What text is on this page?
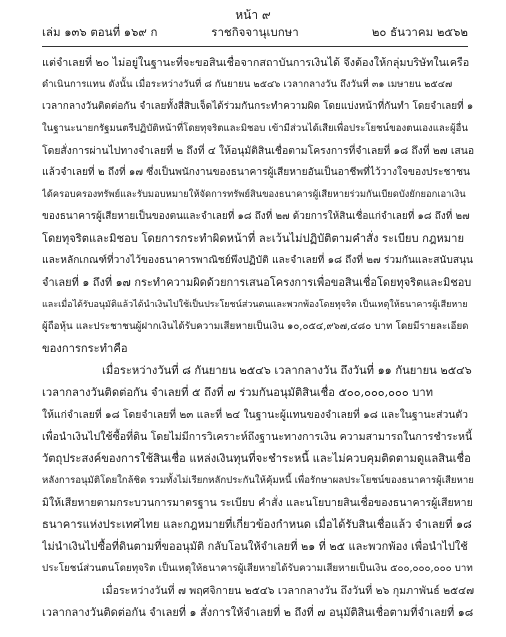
หน้า ๙
เล่ม ๑๓๖ ตอนที่ ๑๖๙ ก	ราชกิจจานุเบกษา	๒๐ ธันวาคม ๒๕๖๒
แต่จำเลยที่ ๒๐ ไม่อยู่ในฐานะที่จะขอสินเชื่อจากสถาบันการเงินได้ จึงต้องให้กลุ่มบริษัทในเครือ
ดำเนินการแทน ดังนั้น เมื่อระหว่างวันที่ ๘ กันยายน ๒๕๔๖ เวลากลางวัน ถึงวันที่ ๓๑ เมษายน ๒๕๔๗
เวลากลางวันติดต่อกัน จำเลยทั้งสี่สิบเจ็ดได้ร่วมกันกระทำความผิด โดยแบ่งหน้าที่กันทำ โดยจำเลยที่ ๑
ในฐานะนายกรัฐมนตรีปฏิบัติหน้าที่โดยทุจริตและมิชอบ เข้ามีส่วนได้เสียเพื่อประโยชน์ของตนเองและผู้อื่น
โดยสั่งการผ่านไปทางจำเลยที่ ๒ ถึงที่ ๔ ให้อนุมัติสินเชื่อตามโครงการที่จำเลยที่ ๑๘ ถึงที่ ๒๗ เสนอ
แล้วจำเลยที่ ๒ ถึงที่ ๑๗ ซึ่งเป็นพนักงานของธนาคารผู้เสียหายอันเป็นอาชีพที่ไว้วางใจของประชาชน
ได้ครอบครองทรัพย์และรับมอบหมายให้จัดการทรัพย์สินของธนาคารผู้เสียหายร่วมกันเบียดบังยักยอกเอาเงิน
ของธนาคารผู้เสียหายเป็นของตนและจำเลยที่ ๑๘ ถึงที่ ๒๗ ด้วยการให้สินเชื่อแก่จำเลยที่ ๑๘ ถึงที่ ๒๗
โดยทุจริตและมิชอบ โดยการกระทำผิดหน้าที่ ละเว้นไม่ปฏิบัติตามคำสั่ง ระเบียบ กฎหมาย
และหลักเกณฑ์ที่วางไว้ของธนาคารพาณิชย์พึงปฏิบัติ และจำเลยที่ ๑๘ ถึงที่ ๒๗ ร่วมกันและสนับสนุน
จำเลยที่ ๑ ถึงที่ ๑๗ กระทำความผิดด้วยการเสนอโครงการเพื่อขอสินเชื่อโดยทุจริตและมิชอบ
และเมื่อได้รับอนุมัติแล้วได้นำเงินไปใช้เป็นประโยชน์ส่วนตนและพวกพ้องโดยทุจริต เป็นเหตุให้ธนาคารผู้เสียหาย
ผู้ถือหุ้น และประชาชนผู้ฝากเงินได้รับความเสียหายเป็นเงิน ๑๐,๐๕๔,๙๖๗,๔๘๐ บาท โดยมีรายละเอียด
ของการกระทำคือ
เมื่อระหว่างวันที่ ๘ กันยายน ๒๕๔๖ เวลากลางวัน ถึงวันที่ ๑๑ กันยายน ๒๕๔๖
เวลากลางวันติดต่อกัน จำเลยที่ ๕ ถึงที่ ๗ ร่วมกันอนุมัติสินเชื่อ ๕๐๐,๐๐๐,๐๐๐ บาท
ให้แก่จำเลยที่ ๑๘ โดยจำเลยที่ ๒๓ และที่ ๒๔ ในฐานะผู้แทนของจำเลยที่ ๑๘ และในฐานะส่วนตัว
เพื่อนำเงินไปใช้ซื้อที่ดิน โดยไม่มีการวิเคราะห์ถึงฐานะทางการเงิน ความสามารถในการชำระหนี้
วัตถุประสงค์ของการใช้สินเชื่อ แหล่งเงินทุนที่จะชำระหนี้ และไม่ควบคุมติดตามดูแลสินเชื่อ
หลังการอนุมัติโดยใกล้ชิด รวมทั้งไม่เรียกหลักประกันให้คุ้มหนี้ เพื่อรักษาผลประโยชน์ของธนาคารผู้เสียหาย
มิให้เสียหายตามกระบวนการมาตรฐาน ระเบียบ คำสั่ง และนโยบายสินเชื่อของธนาคารผู้เสียหาย
ธนาคารแห่งประเทศไทย และกฎหมายที่เกี่ยวข้องกำหนด เมื่อได้รับสินเชื่อแล้ว จำเลยที่ ๑๘
ไม่นำเงินไปซื้อที่ดินตามที่ขออนุมัติ กลับโอนให้จำเลยที่ ๒๑ ที่ ๒๕ และพวกพ้อง เพื่อนำไปใช้
ประโยชน์ส่วนตนโดยทุจริต เป็นเหตุให้ธนาคารผู้เสียหายได้รับความเสียหายเป็นเงิน ๕๐๐,๐๐๐,๐๐๐ บาท
เมื่อระหว่างวันที่ ๗ พฤศจิกายน ๒๕๔๖ เวลากลางวัน ถึงวันที่ ๒๖ กุมภาพันธ์ ๒๕๔๗
เวลากลางวันติดต่อกัน จำเลยที่ ๑ สั่งการให้จำเลยที่ ๒ ถึงที่ ๗ อนุมัติสินเชื่อตามที่จำเลยที่ ๑๘
